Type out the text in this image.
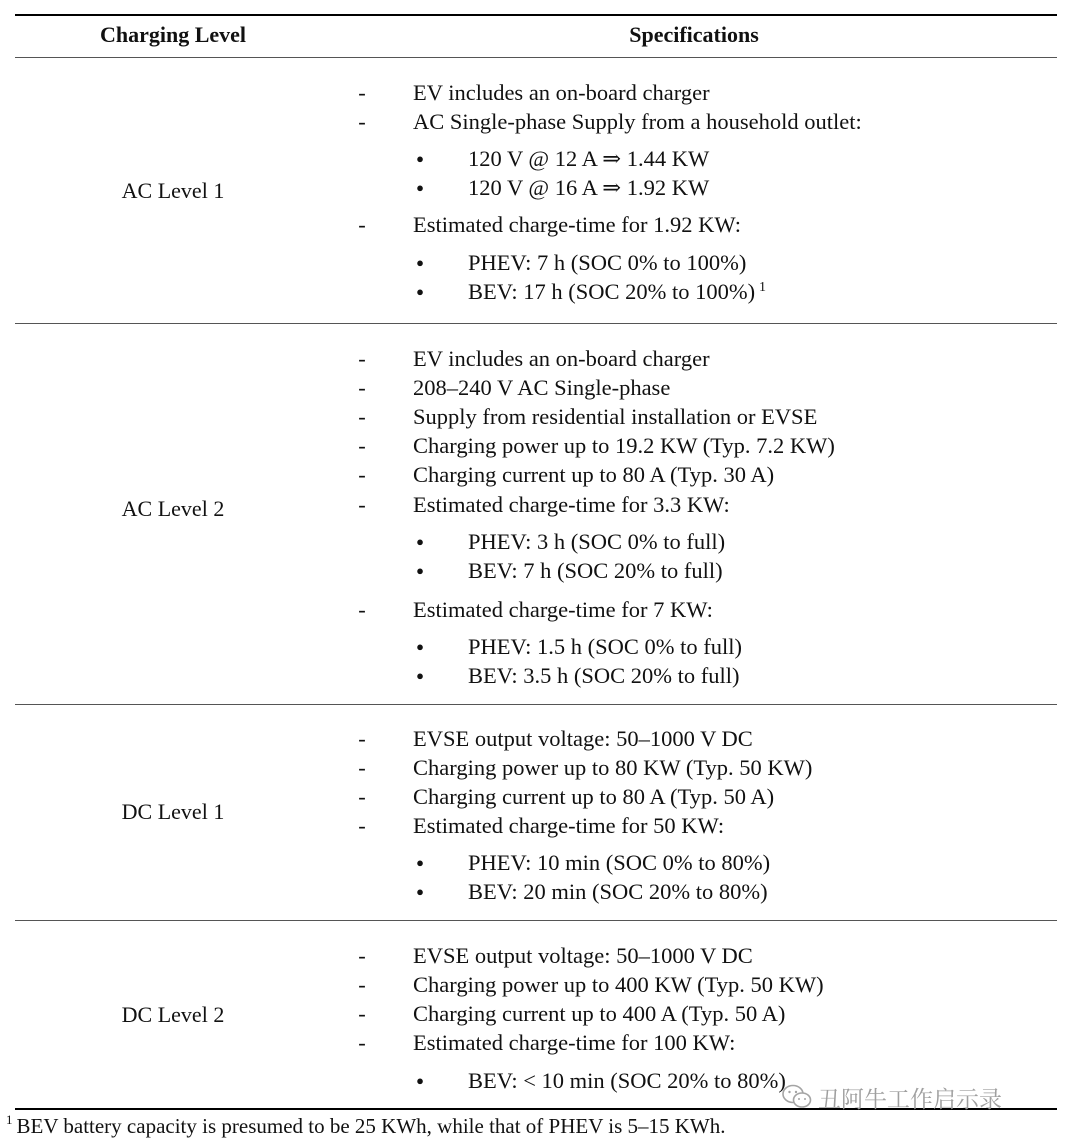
Charging Level	Specifications
AC Level 1
- EV includes an on-board charger
- AC Single-phase Supply from a household outlet:
● 120 V @ 12 A ⇒ 1.44 KW
● 120 V @ 16 A ⇒ 1.92 KW
- Estimated charge-time for 1.92 KW:
● PHEV: 7 h (SOC 0% to 100%)
● BEV: 17 h (SOC 20% to 100%) 1
AC Level 2
- EV includes an on-board charger
- 208–240 V AC Single-phase
- Supply from residential installation or EVSE
- Charging power up to 19.2 KW (Typ. 7.2 KW)
- Charging current up to 80 A (Typ. 30 A)
- Estimated charge-time for 3.3 KW:
● PHEV: 3 h (SOC 0% to full)
● BEV: 7 h (SOC 20% to full)
- Estimated charge-time for 7 KW:
● PHEV: 1.5 h (SOC 0% to full)
● BEV: 3.5 h (SOC 20% to full)
DC Level 1
- EVSE output voltage: 50–1000 V DC
- Charging power up to 80 KW (Typ. 50 KW)
- Charging current up to 80 A (Typ. 50 A)
- Estimated charge-time for 50 KW:
● PHEV: 10 min (SOC 0% to 80%)
● BEV: 20 min (SOC 20% to 80%)
DC Level 2
- EVSE output voltage: 50–1000 V DC
- Charging power up to 400 KW (Typ. 50 KW)
- Charging current up to 400 A (Typ. 50 A)
- Estimated charge-time for 100 KW:
● BEV: < 10 min (SOC 20% to 80%)
$^1$ BEV battery capacity is presumed to be 25 KWh, while that of PHEV is 5–15 KWh.
丑阿牛工作启示录
